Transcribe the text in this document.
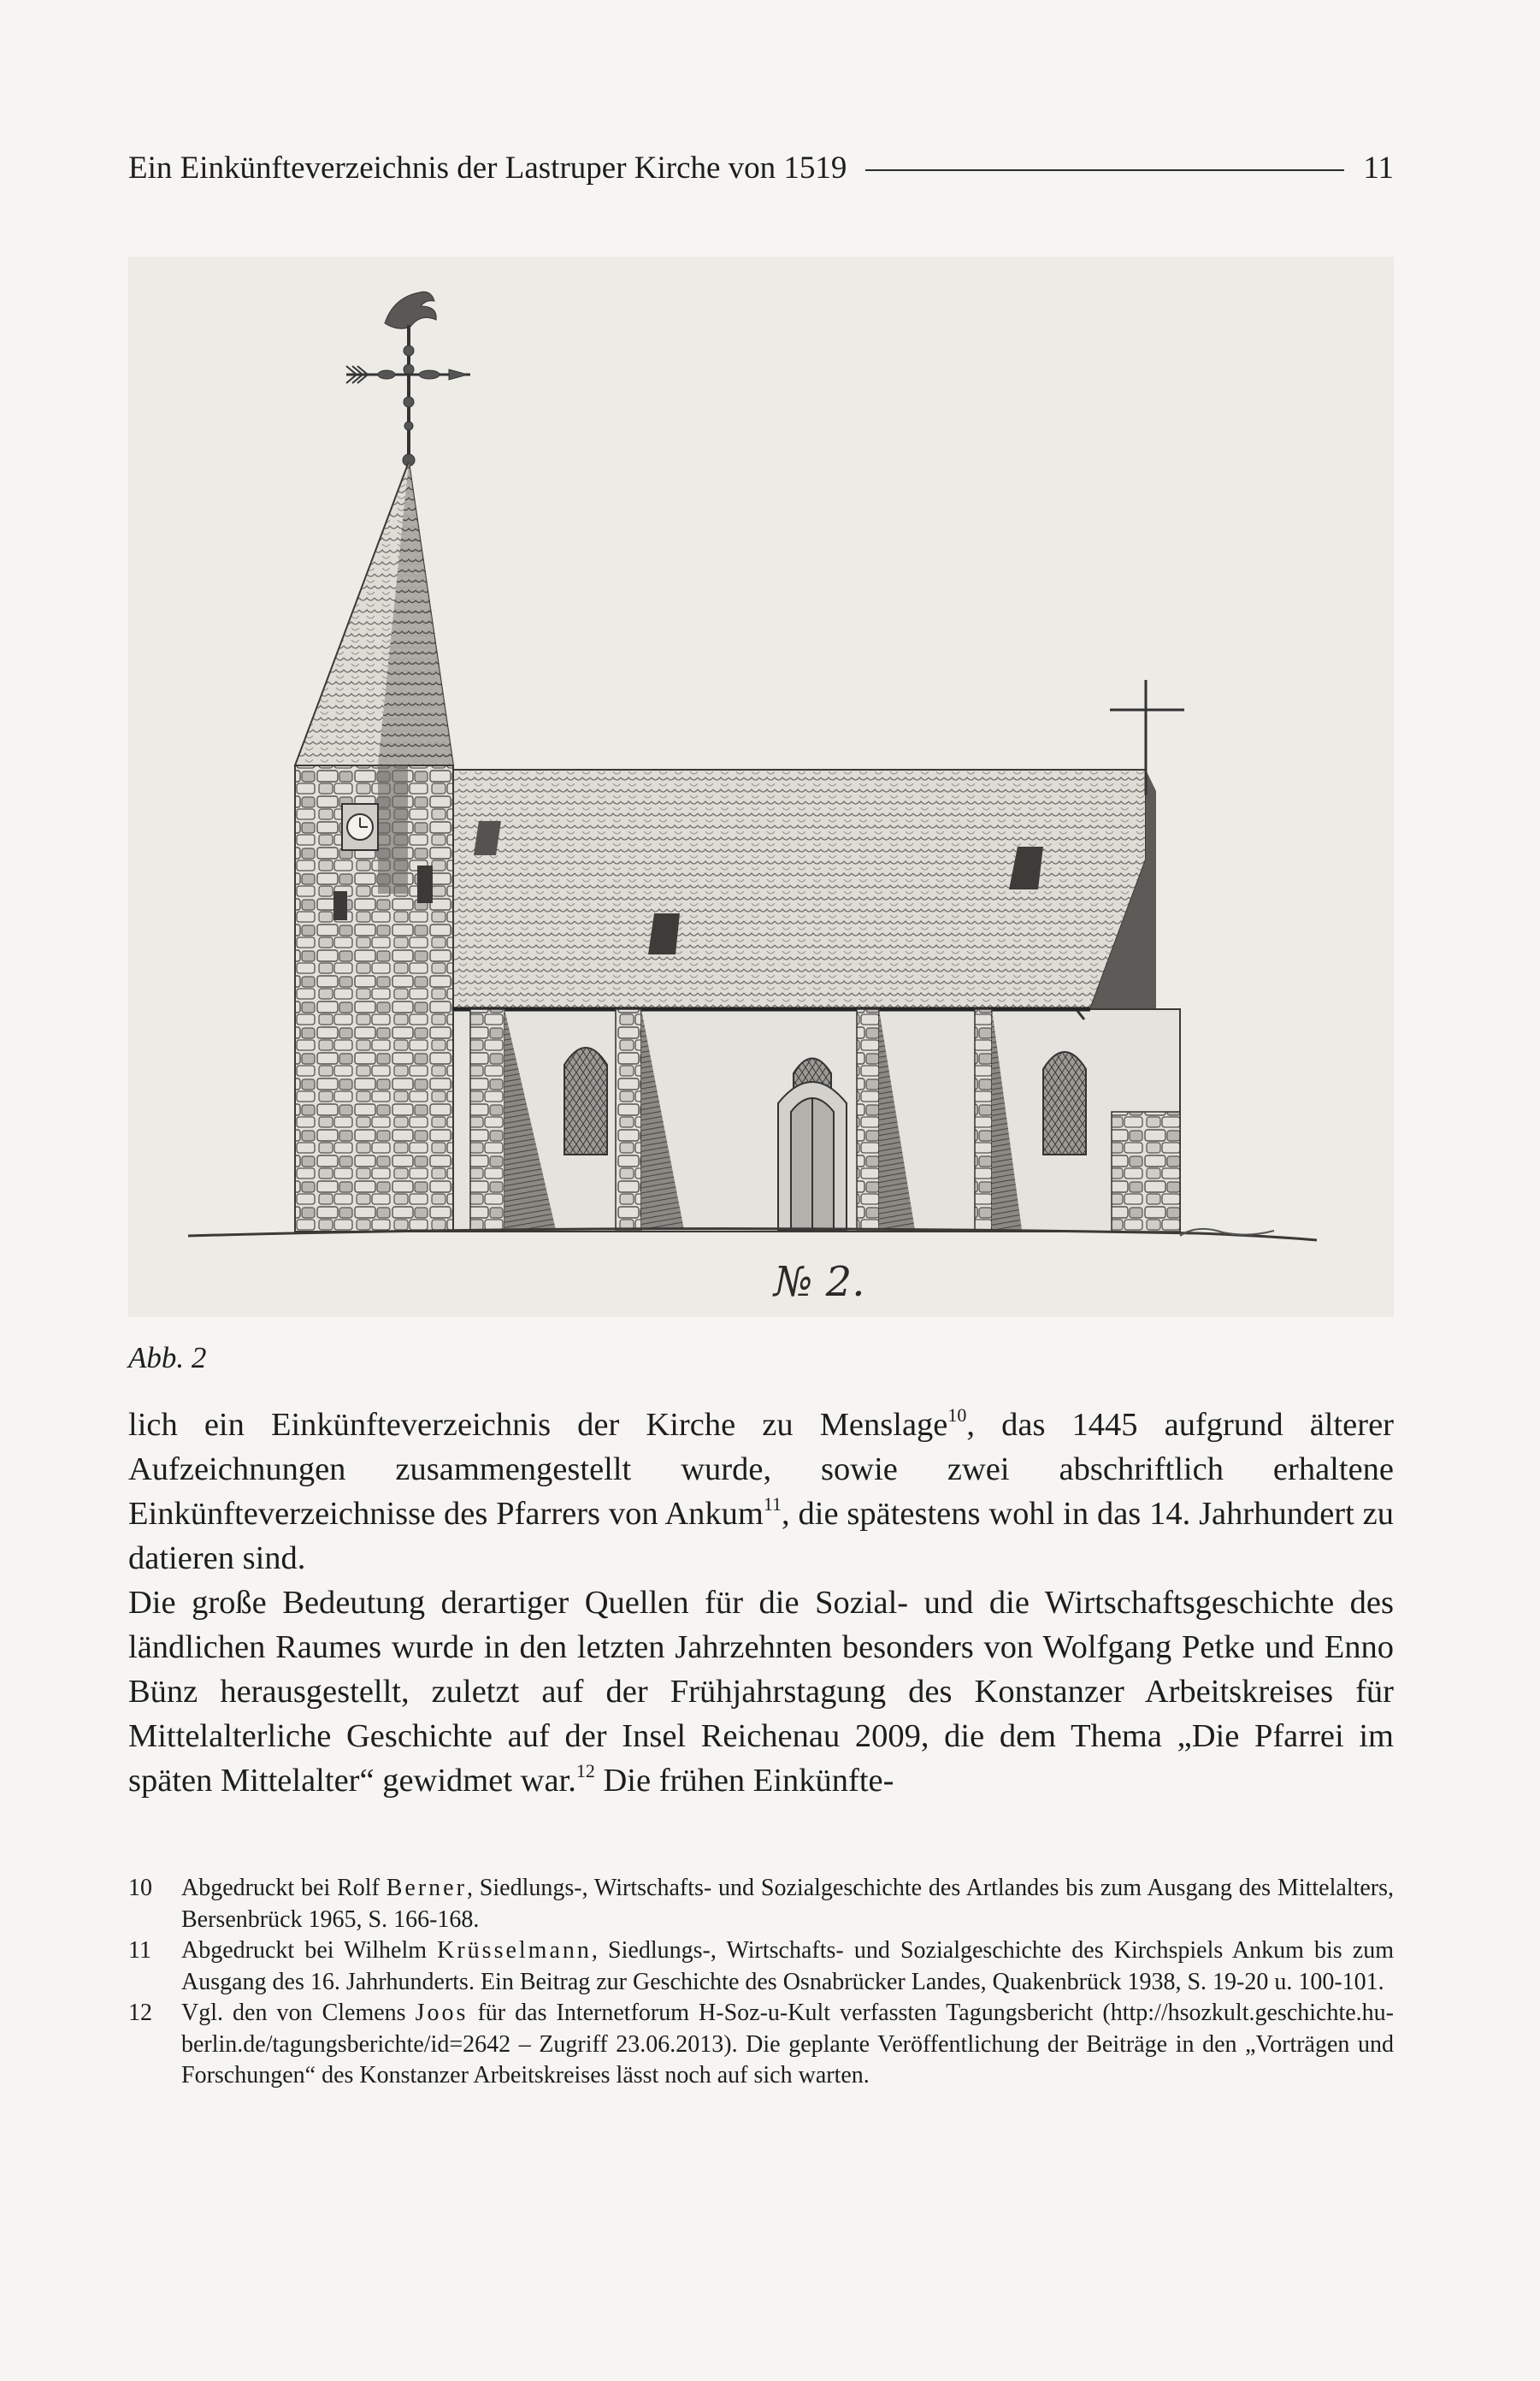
Ein Einkünfteverzeichnis der Lastruper Kirche von 1519	11
№ 2.
Abb. 2

lich ein Einkünfteverzeichnis der Kirche zu Menslage$^{10}$, das 1445 aufgrund älterer Aufzeichnungen zusammengestellt wurde, sowie zwei abschriftlich erhaltene Einkünfteverzeichnisse des Pfarrers von Ankum$^{11}$, die spätestens wohl in das 14. Jahrhundert zu datieren sind.

Die große Bedeutung derartiger Quellen für die Sozial- und die Wirtschaftsgeschichte des ländlichen Raumes wurde in den letzten Jahrzehnten besonders von Wolfgang Petke und Enno Bünz herausgestellt, zuletzt auf der Frühjahrstagung des Konstanzer Arbeitskreises für Mittelalterliche Geschichte auf der Insel Reichenau 2009, die dem Thema „Die Pfarrei im späten Mittelalter“ gewidmet war.$^{12}$ Die frühen Einkünfte-

10	Abgedruckt bei Rolf Berner, Siedlungs-, Wirtschafts- und Sozialgeschichte des Artlandes bis zum Ausgang des Mittelalters, Bersenbrück 1965, S. 166-168.
11	Abgedruckt bei Wilhelm Krüsselmann, Siedlungs-, Wirtschafts- und Sozialgeschichte des Kirchspiels Ankum bis zum Ausgang des 16. Jahrhunderts. Ein Beitrag zur Geschichte des Osnabrücker Landes, Quakenbrück 1938, S. 19-20 u. 100-101.
12	Vgl. den von Clemens Joos für das Internetforum H-Soz-u-Kult verfassten Tagungsbericht (http://hsozkult.geschichte.hu-berlin.de/tagungsberichte/id=2642 – Zugriff 23.06.2013). Die geplante Veröffentlichung der Beiträge in den „Vorträgen und Forschungen“ des Konstanzer Arbeitskreises lässt noch auf sich warten.
